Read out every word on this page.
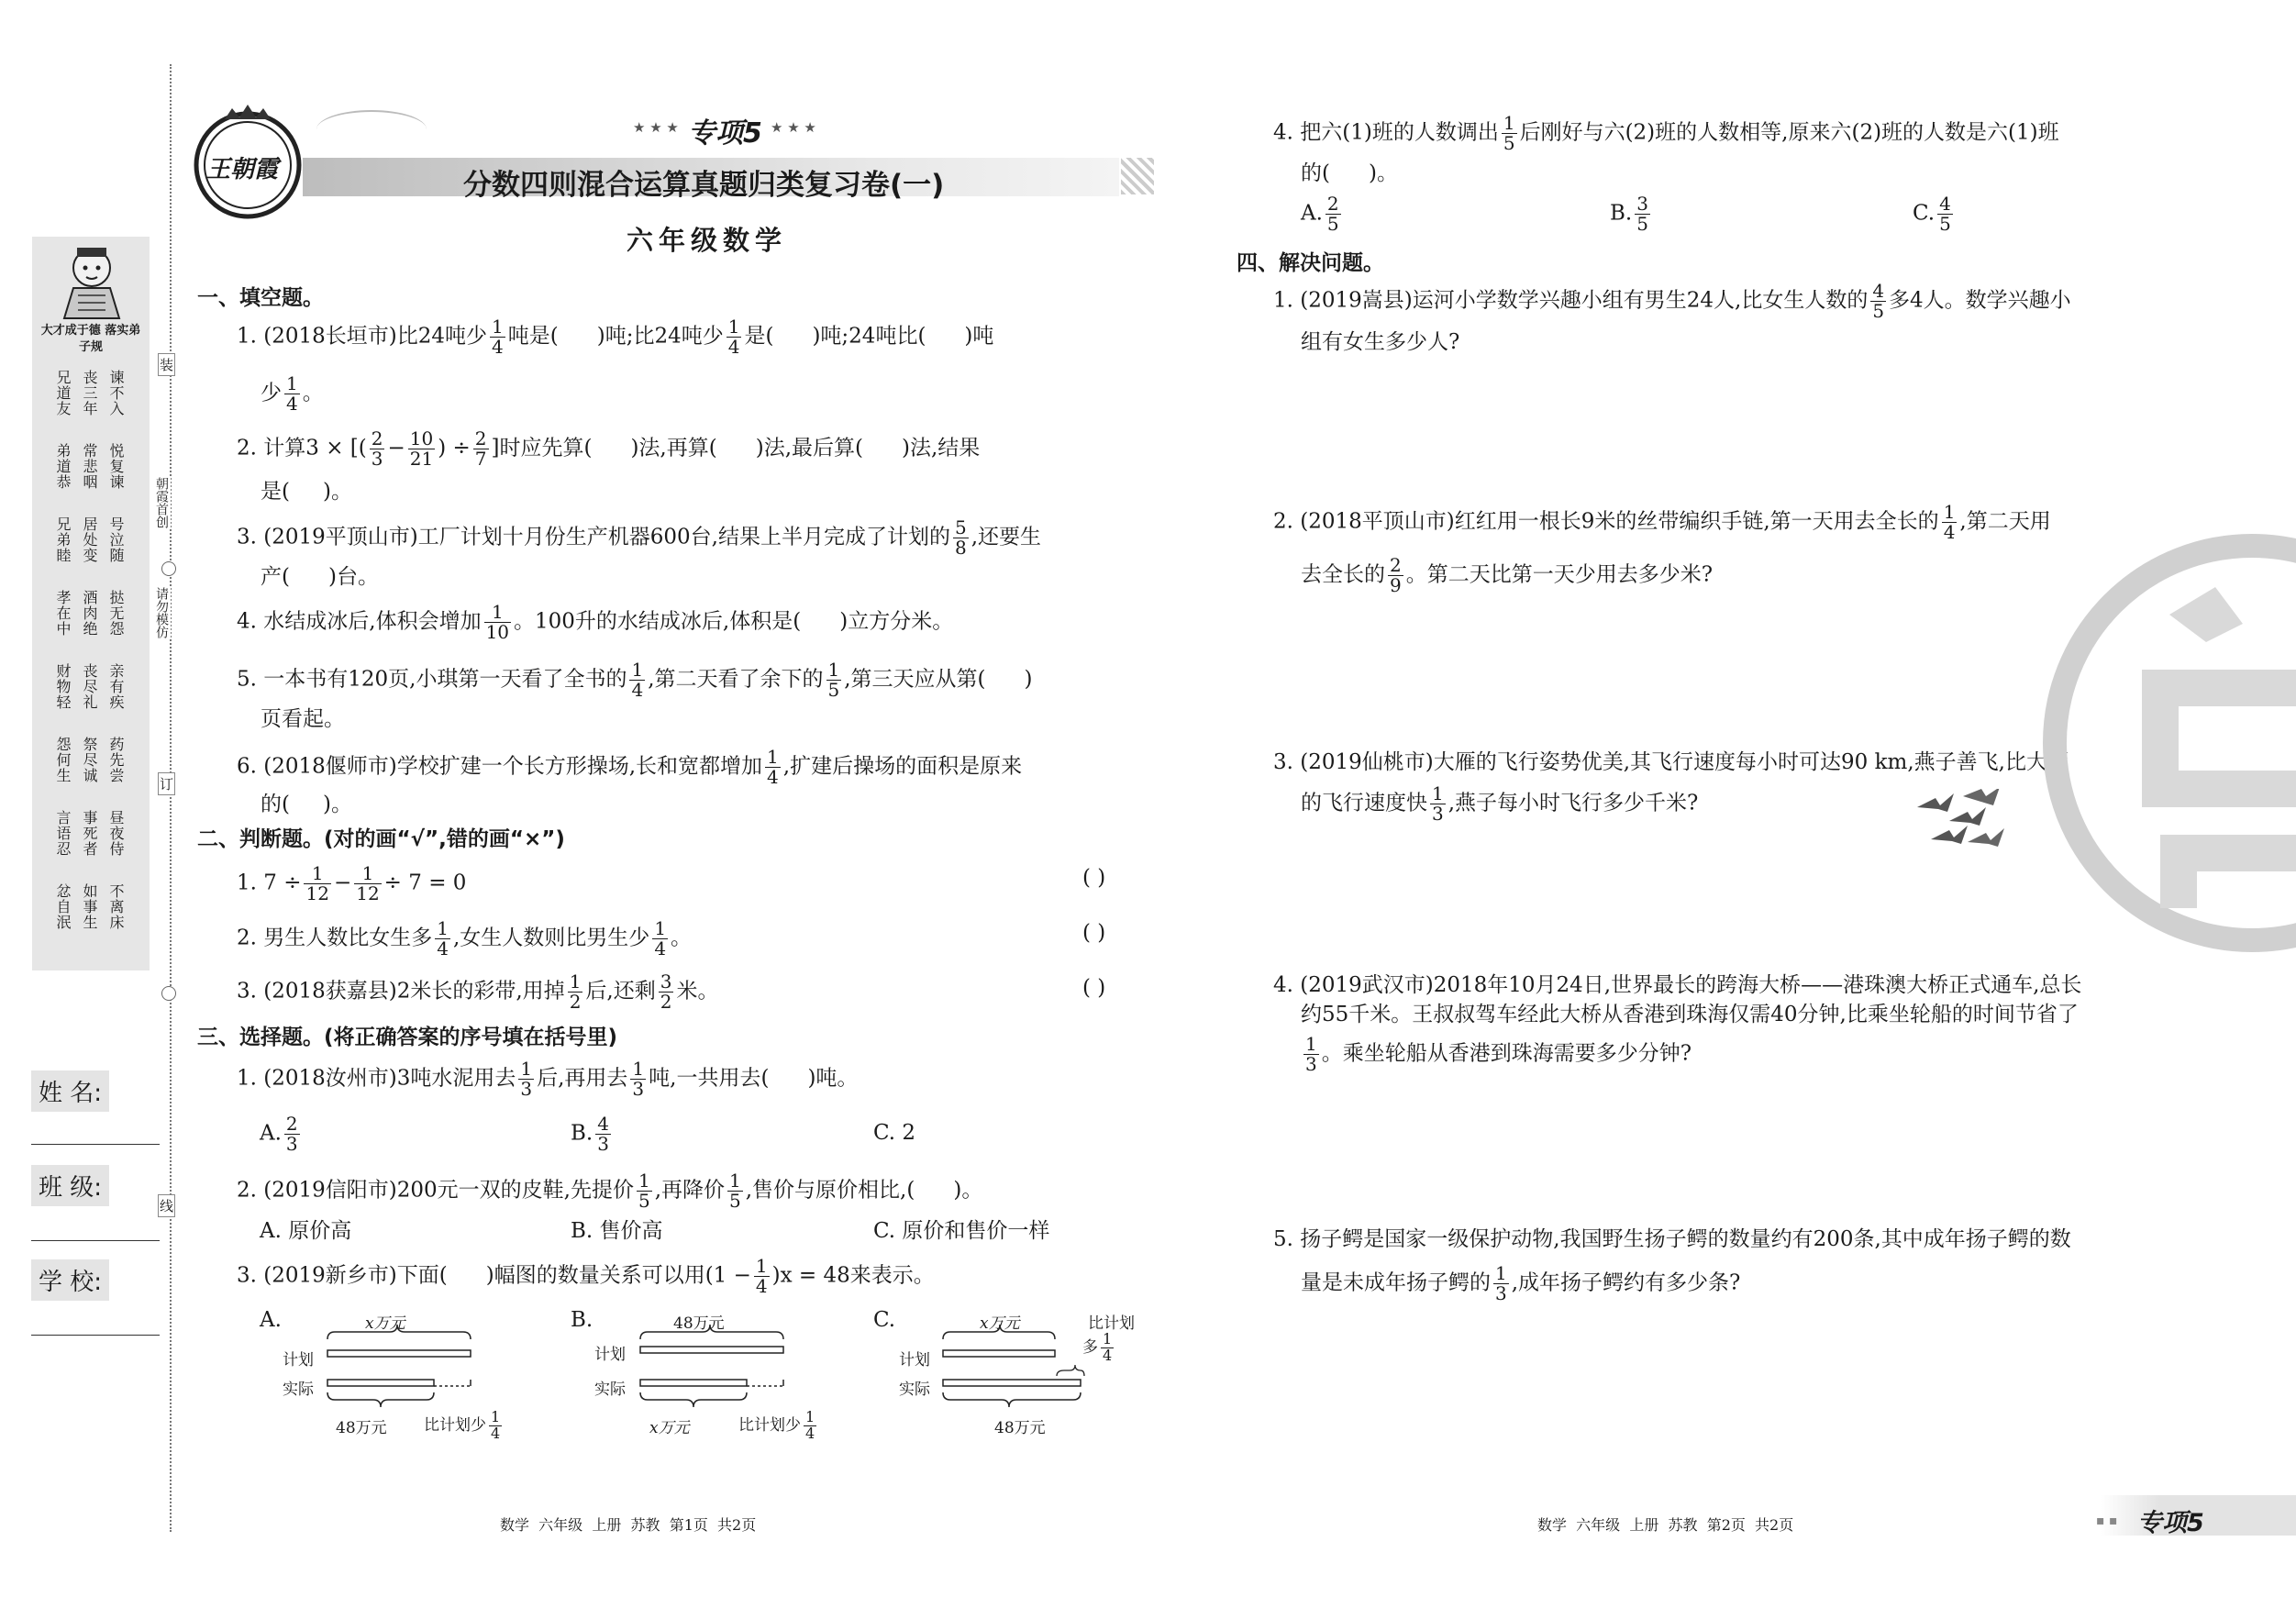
大才成于德 落实弟子规
谏不入
丧三年
兄道友
悦复谏
常悲咽
弟道恭
号泣随
居处变
兄弟睦
挞无怨
酒肉绝
孝在中
亲有疾
丧尽礼
财物轻
药先尝
祭尽诚
怨何生
昼夜侍
事死者
言语忍
不离床
如事生
忿自泯
装
朝霞首创
请勿模仿
订
线
姓 名:
班 级:
学 校:
王朝霞
★ ★ ★ 专项5 ★ ★ ★
分数四则混合运算真题归类复习卷(一)
六年级数学
一、填空题。
1. (2018长垣市)比24吨少 $\frac{1}{4}$ 吨是( )吨;比24吨少 $\frac{1}{4}$ 是( )吨;24吨比( )吨
少 $\frac{1}{4}$ 。
2. 计算3 × [( $\frac{2}{3} - \frac{10}{21}$ ) ÷ $\frac{2}{7}$ ]时应先算( )法,再算( )法,最后算( )法,结果
是( )。
3. (2019平顶山市)工厂计划十月份生产机器600台,结果上半月完成了计划的 $\frac{5}{8}$ ,还要生
产( )台。
4. 水结成冰后,体积会增加 $\frac{1}{10}$ 。100升的水结成冰后,体积是( )立方分米。
5. 一本书有120页,小琪第一天看了全书的 $\frac{1}{4}$ ,第二天看了余下的 $\frac{1}{5}$ ,第三天应从第( )
页看起。
6. (2018偃师市)学校扩建一个长方形操场,长和宽都增加 $\frac{1}{4}$ ,扩建后操场的面积是原来
的( )。
二、判断题。(对的画“√”,错的画“×”)
1. $7 \div \frac{1}{12} - \frac{1}{12} \div 7 = 0$	( )
2. 男生人数比女生多 $\frac{1}{4}$ ,女生人数则比男生少 $\frac{1}{4}$ 。	( )
3. (2018获嘉县)2米长的彩带,用掉 $\frac{1}{2}$ 后,还剩 $\frac{3}{2}$ 米。	( )
三、选择题。(将正确答案的序号填在括号里)
1. (2018汝州市)3吨水泥用去 $\frac{1}{3}$ 后,再用去 $\frac{1}{3}$ 吨,一共用去( )吨。
A. $\frac{2}{3}$	B. $\frac{4}{3}$	C. 2
2. (2019信阳市)200元一双的皮鞋,先提价 $\frac{1}{5}$ ,再降价 $\frac{1}{5}$ ,售价与原价相比,( )。
A. 原价高	B. 售价高	C. 原价和售价一样
3. (2019新乡市)下面( )幅图的数量关系可以用$(1 - \frac{1}{4} )x = 48$来表示。
A.	x万元
计划
实际
48万元 比计划少 $\frac{1}{4}$
B.	48万元
计划
实际
x万元	比计划少 $\frac{1}{4}$
C.	x万元	比计划
多 $\frac{1}{4}$
计划
实际
48万元
数学  六年级  上册  苏教  第1页  共2页
4. 把六(1)班的人数调出 $\frac{1}{5}$ 后刚好与六(2)班的人数相等,原来六(2)班的人数是六(1)班
的( )。
A. $\frac{2}{5}$	B. $\frac{3}{5}$	C. $\frac{4}{5}$
四、解决问题。
1. (2019嵩县)运河小学数学兴趣小组有男生24人,比女生人数的 $\frac{4}{5}$ 多4人。数学兴趣小
组有女生多少人?
2. (2018平顶山市)红红用一根长9米的丝带编织手链,第一天用去全长的 $\frac{1}{4}$ ,第二天用
去全长的 $\frac{2}{9}$ 。第二天比第一天少用去多少米?
3. (2019仙桃市)大雁的飞行姿势优美,其飞行速度每小时可达90 km,燕子善飞,比大雁
的飞行速度快 $\frac{1}{3}$ ,燕子每小时飞行多少千米?
4. (2019武汉市)2018年10月24日,世界最长的跨海大桥——港珠澳大桥正式通车,总长
约55千米。王叔叔驾车经此大桥从香港到珠海仅需40分钟,比乘坐轮船的时间节省了
$\frac{1}{3}$ 。乘坐轮船从香港到珠海需要多少分钟?
5. 扬子鳄是国家一级保护动物,我国野生扬子鳄的数量约有200条,其中成年扬子鳄的数
量是未成年扬子鳄的 $\frac{1}{3}$ ,成年扬子鳄约有多少条?
数学  六年级  上册  苏教  第2页  共2页	▪ ▪ 专项5
